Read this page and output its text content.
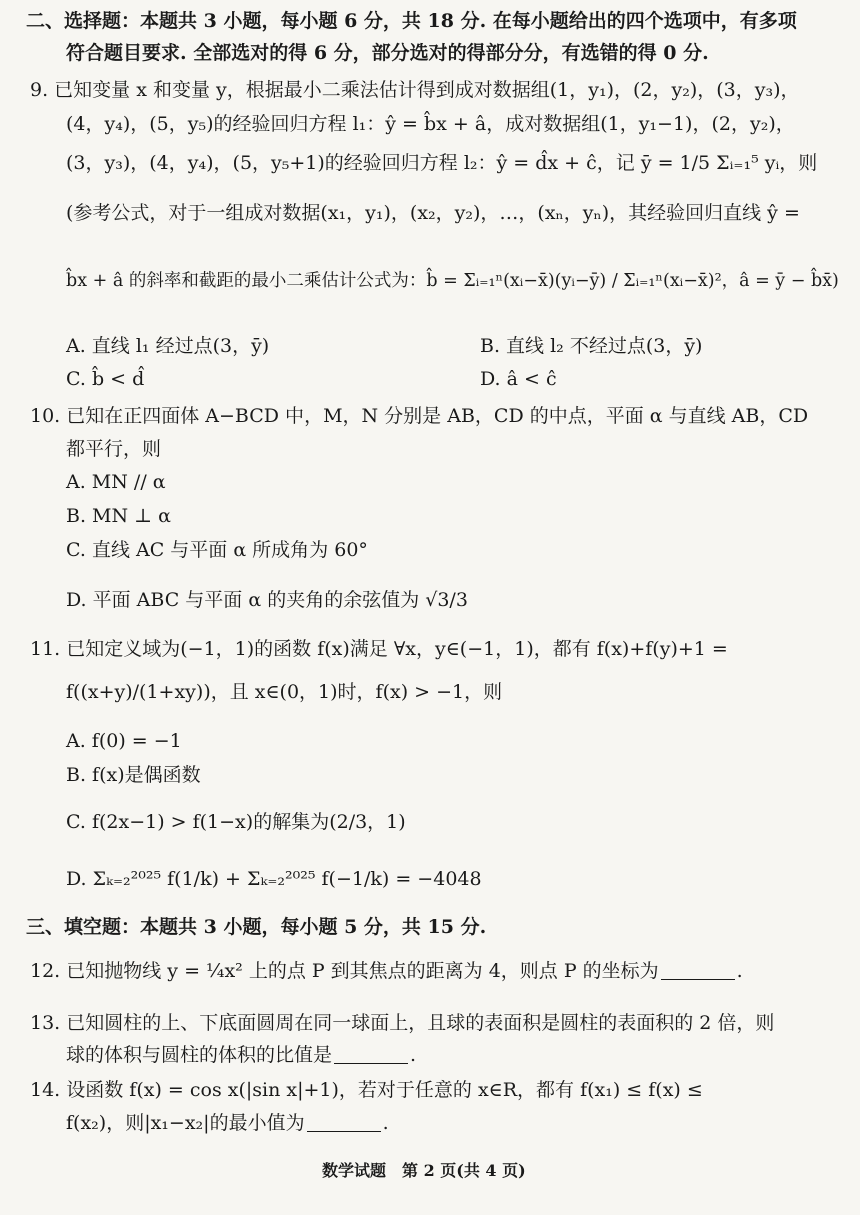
二、选择题：本题共 3 小题，每小题 6 分，共 18 分. 在每小题给出的四个选项中，有多项
符合题目要求. 全部选对的得 6 分，部分选对的得部分分，有选错的得 0 分.
9. 已知变量 x 和变量 y，根据最小二乘法估计得到成对数据组(1，y₁)，(2，y₂)，(3，y₃)，
(4，y₄)，(5，y₅)的经验回归方程 l₁：ŷ = b̂x + â，成对数据组(1，y₁−1)，(2，y₂)，
(3，y₃)，(4，y₄)，(5，y₅+1)的经验回归方程 l₂：ŷ = d̂x + ĉ，记 ȳ = 1/5 Σᵢ₌₁⁵ yᵢ，则
(参考公式，对于一组成对数据(x₁，y₁)，(x₂，y₂)，…，(xₙ，yₙ)，其经验回归直线 ŷ =
b̂x + â 的斜率和截距的最小二乘估计公式为：b̂ = Σᵢ₌₁ⁿ(xᵢ−x̄)(yᵢ−ȳ) / Σᵢ₌₁ⁿ(xᵢ−x̄)²，â = ȳ − b̂x̄)
A. 直线 l₁ 经过点(3，ȳ)	B. 直线 l₂ 不经过点(3，ȳ)
C. b̂ < d̂	D. â < ĉ
10. 已知在正四面体 A−BCD 中，M，N 分别是 AB，CD 的中点，平面 α 与直线 AB，CD
都平行，则
A. MN // α
B. MN ⊥ α
C. 直线 AC 与平面 α 所成角为 60°
D. 平面 ABC 与平面 α 的夹角的余弦值为 √3/3
11. 已知定义域为(−1，1)的函数 f(x)满足 ∀x，y∈(−1，1)，都有 f(x)+f(y)+1 =
f((x+y)/(1+xy))，且 x∈(0，1)时，f(x) > −1，则
A. f(0) = −1
B. f(x)是偶函数
C. f(2x−1) > f(1−x)的解集为(2/3，1)
D. Σₖ₌₂²⁰²⁵ f(1/k) + Σₖ₌₂²⁰²⁵ f(−1/k) = −4048
三、填空题：本题共 3 小题，每小题 5 分，共 15 分.
12. 已知抛物线 y = ¼x² 上的点 P 到其焦点的距离为 4，则点 P 的坐标为	.
13. 已知圆柱的上、下底面圆周在同一球面上，且球的表面积是圆柱的表面积的 2 倍，则
球的体积与圆柱的体积的比值是	.
14. 设函数 f(x) = cos x(|sin x|+1)，若对于任意的 x∈R，都有 f(x₁) ≤ f(x) ≤
f(x₂)，则|x₁−x₂|的最小值为	.
数学试题　第 2 页(共 4 页)
